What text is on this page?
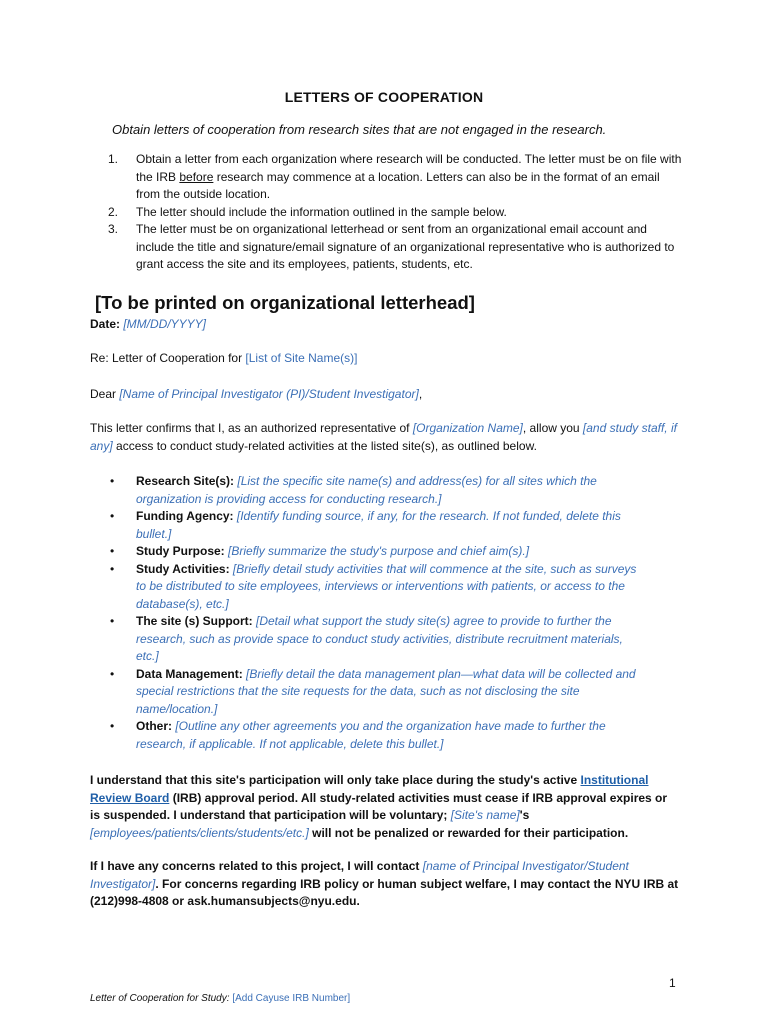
LETTERS OF COOPERATION
Obtain letters of cooperation from research sites that are not engaged in the research.
1. Obtain a letter from each organization where research will be conducted. The letter must be on file with the IRB before research may commence at a location. Letters can also be in the format of an email from the outside location.
2. The letter should include the information outlined in the sample below.
3. The letter must be on organizational letterhead or sent from an organizational email account and include the title and signature/email signature of an organizational representative who is authorized to grant access the site and its employees, patients, students, etc.
[To be printed on organizational letterhead]
Date: [MM/DD/YYYY]
Re: Letter of Cooperation for [List of Site Name(s)]
Dear [Name of Principal Investigator (PI)/Student Investigator],
This letter confirms that I, as an authorized representative of [Organization Name], allow you [and study staff, if any] access to conduct study-related activities at the listed site(s), as outlined below.
• Research Site(s): [List the specific site name(s) and address(es) for all sites which the organization is providing access for conducting research.]
• Funding Agency: [Identify funding source, if any, for the research. If not funded, delete this bullet.]
• Study Purpose: [Briefly summarize the study's purpose and chief aim(s).]
• Study Activities: [Briefly detail study activities that will commence at the site, such as surveys to be distributed to site employees, interviews or interventions with patients, or access to the database(s), etc.]
• The site (s) Support: [Detail what support the study site(s) agree to provide to further the research, such as provide space to conduct study activities, distribute recruitment materials, etc.]
• Data Management: [Briefly detail the data management plan—what data will be collected and special restrictions that the site requests for the data, such as not disclosing the site name/location.]
• Other: [Outline any other agreements you and the organization have made to further the research, if applicable. If not applicable, delete this bullet.]
I understand that this site's participation will only take place during the study's active Institutional Review Board (IRB) approval period. All study-related activities must cease if IRB approval expires or is suspended. I understand that participation will be voluntary; [Site's name]'s [employees/patients/clients/students/etc.] will not be penalized or rewarded for their participation.
If I have any concerns related to this project, I will contact [name of Principal Investigator/Student Investigator]. For concerns regarding IRB policy or human subject welfare, I may contact the NYU IRB at (212)998-4808 or ask.humansubjects@nyu.edu.
1
Letter of Cooperation for Study: [Add Cayuse IRB Number]
